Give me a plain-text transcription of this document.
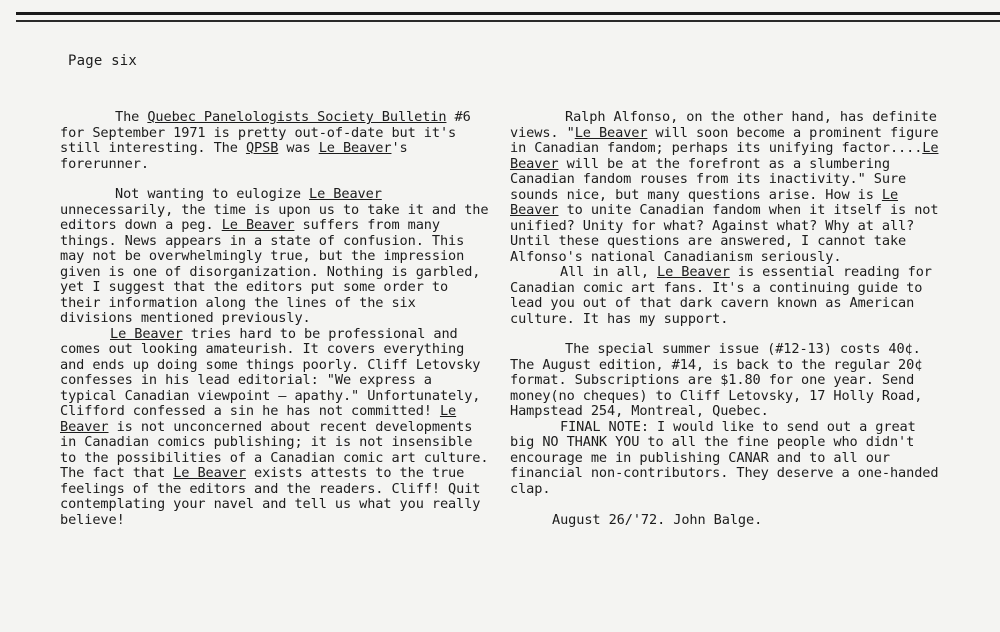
Page six

The Quebec Panelologists Society Bulletin #6 for September 1971 is pretty out-of-date but it's still interesting. The QPSB was Le Beaver's forerunner.

Not wanting to eulogize Le Beaver unnecessarily, the time is upon us to take it and the editors down a peg. Le Beaver suffers from many things. News appears in a state of confusion. This may not be overwhelmingly true, but the impression given is one of disorganization. Nothing is garbled, yet I suggest that the editors put some order to their information along the lines of the six divisions mentioned previously.

Le Beaver tries hard to be professional and comes out looking amateurish. It covers everything and ends up doing some things poorly. Cliff Letovsky confesses in his lead editorial: "We express a typical Canadian viewpoint — apathy." Unfortunately, Clifford confessed a sin he has not committed! Le Beaver is not unconcerned about recent developments in Canadian comics publishing; it is not insensible to the possibilities of a Canadian comic art culture. The fact that Le Beaver exists attests to the true feelings of the editors and the readers. Cliff! Quit contemplating your navel and tell us what you really believe!

Ralph Alfonso, on the other hand, has definite views. "Le Beaver will soon become a prominent figure in Canadian fandom; perhaps its unifying factor....Le Beaver will be at the forefront as a slumbering Canadian fandom rouses from its inactivity." Sure sounds nice, but many questions arise. How is Le Beaver to unite Canadian fandom when it itself is not unified? Unity for what? Against what? Why at all? Until these questions are answered, I cannot take Alfonso's national Canadianism seriously.

All in all, Le Beaver is essential reading for Canadian comic art fans. It's a continuing guide to lead you out of that dark cavern known as American culture. It has my support.

The special summer issue (#12-13) costs 40¢. The August edition, #14, is back to the regular 20¢ format. Subscriptions are $1.80 for one year. Send money(no cheques) to Cliff Letovsky, 17 Holly Road, Hampstead 254, Montreal, Quebec.

FINAL NOTE: I would like to send out a great big NO THANK YOU to all the fine people who didn't encourage me in publishing CANAR and to all our financial non-contributors. They deserve a one-handed clap.

August 26/'72. John Balge.
